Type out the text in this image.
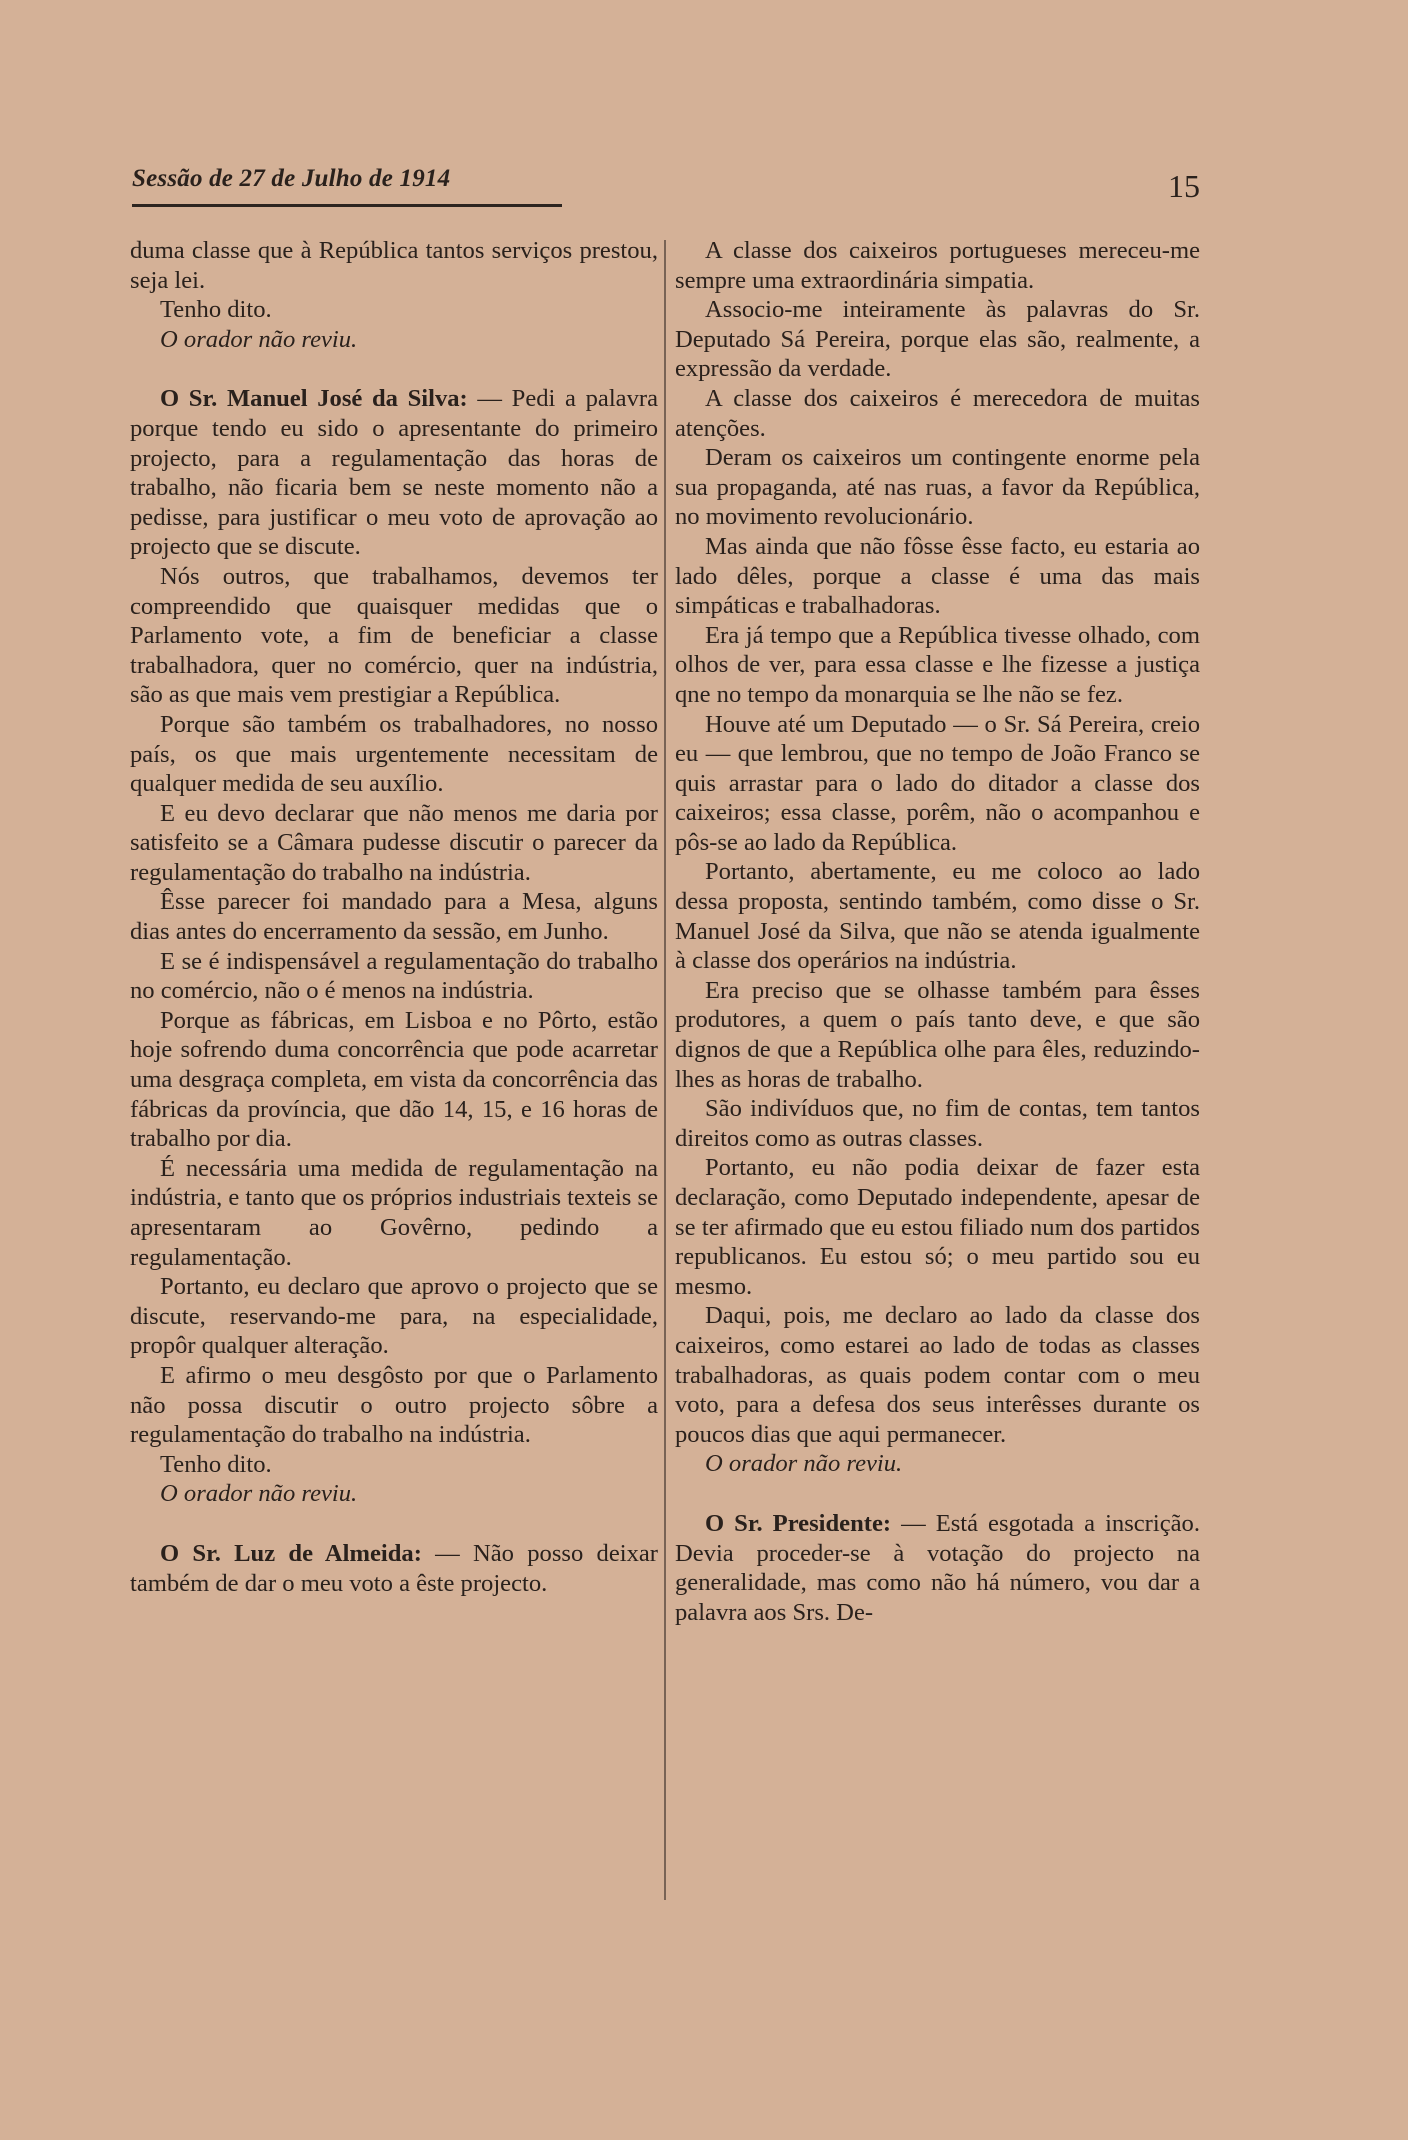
Sessão de 27 de Julho de 1914	15

duma classe que à República tantos serviços prestou, seja lei.

Tenho dito.

O orador não reviu.

O Sr. Manuel José da Silva: — Pedi a palavra porque tendo eu sido o apresentante do primeiro projecto, para a regulamentação das horas de trabalho, não ficaria bem se neste momento não a pedisse, para justificar o meu voto de aprovação ao projecto que se discute.

Nós outros, que trabalhamos, devemos ter compreendido que quaisquer medidas que o Parlamento vote, a fim de beneficiar a classe trabalhadora, quer no comércio, quer na indústria, são as que mais vem prestigiar a República.

Porque são também os trabalhadores, no nosso país, os que mais urgentemente necessitam de qualquer medida de seu auxílio.

E eu devo declarar que não menos me daria por satisfeito se a Câmara pudesse discutir o parecer da regulamentação do trabalho na indústria.

Êsse parecer foi mandado para a Mesa, alguns dias antes do encerramento da sessão, em Junho.

E se é indispensável a regulamentação do trabalho no comércio, não o é menos na indústria.

Porque as fábricas, em Lisboa e no Pôrto, estão hoje sofrendo duma concorrência que pode acarretar uma desgraça completa, em vista da concorrência das fábricas da província, que dão 14, 15, e 16 horas de trabalho por dia.

É necessária uma medida de regulamentação na indústria, e tanto que os próprios industriais texteis se apresentaram ao Govêrno, pedindo a regulamentação.

Portanto, eu declaro que aprovo o projecto que se discute, reservando-me para, na especialidade, propôr qualquer alteração.

E afirmo o meu desgôsto por que o Parlamento não possa discutir o outro projecto sôbre a regulamentação do trabalho na indústria.

Tenho dito.

O orador não reviu.

O Sr. Luz de Almeida: — Não posso deixar também de dar o meu voto a êste projecto.

A classe dos caixeiros portugueses mereceu-me sempre uma extraordinária simpatia.

Associo-me inteiramente às palavras do Sr. Deputado Sá Pereira, porque elas são, realmente, a expressão da verdade.

A classe dos caixeiros é merecedora de muitas atenções.

Deram os caixeiros um contingente enorme pela sua propaganda, até nas ruas, a favor da República, no movimento revolucionário.

Mas ainda que não fôsse êsse facto, eu estaria ao lado dêles, porque a classe é uma das mais simpáticas e trabalhadoras.

Era já tempo que a República tivesse olhado, com olhos de ver, para essa classe e lhe fizesse a justiça qne no tempo da monarquia se lhe não se fez.

Houve até um Deputado — o Sr. Sá Pereira, creio eu — que lembrou, que no tempo de João Franco se quis arrastar para o lado do ditador a classe dos caixeiros; essa classe, porêm, não o acompanhou e pôs-se ao lado da República.

Portanto, abertamente, eu me coloco ao lado dessa proposta, sentindo também, como disse o Sr. Manuel José da Silva, que não se atenda igualmente à classe dos operários na indústria.

Era preciso que se olhasse também para êsses produtores, a quem o país tanto deve, e que são dignos de que a República olhe para êles, reduzindo-lhes as horas de trabalho.

São indivíduos que, no fim de contas, tem tantos direitos como as outras classes.

Portanto, eu não podia deixar de fazer esta declaração, como Deputado independente, apesar de se ter afirmado que eu estou filiado num dos partidos republicanos. Eu estou só; o meu partido sou eu mesmo.

Daqui, pois, me declaro ao lado da classe dos caixeiros, como estarei ao lado de todas as classes trabalhadoras, as quais podem contar com o meu voto, para a defesa dos seus interêsses durante os poucos dias que aqui permanecer.

O orador não reviu.

O Sr. Presidente: — Está esgotada a inscrição. Devia proceder-se à votação do projecto na generalidade, mas como não há número, vou dar a palavra aos Srs. De-
